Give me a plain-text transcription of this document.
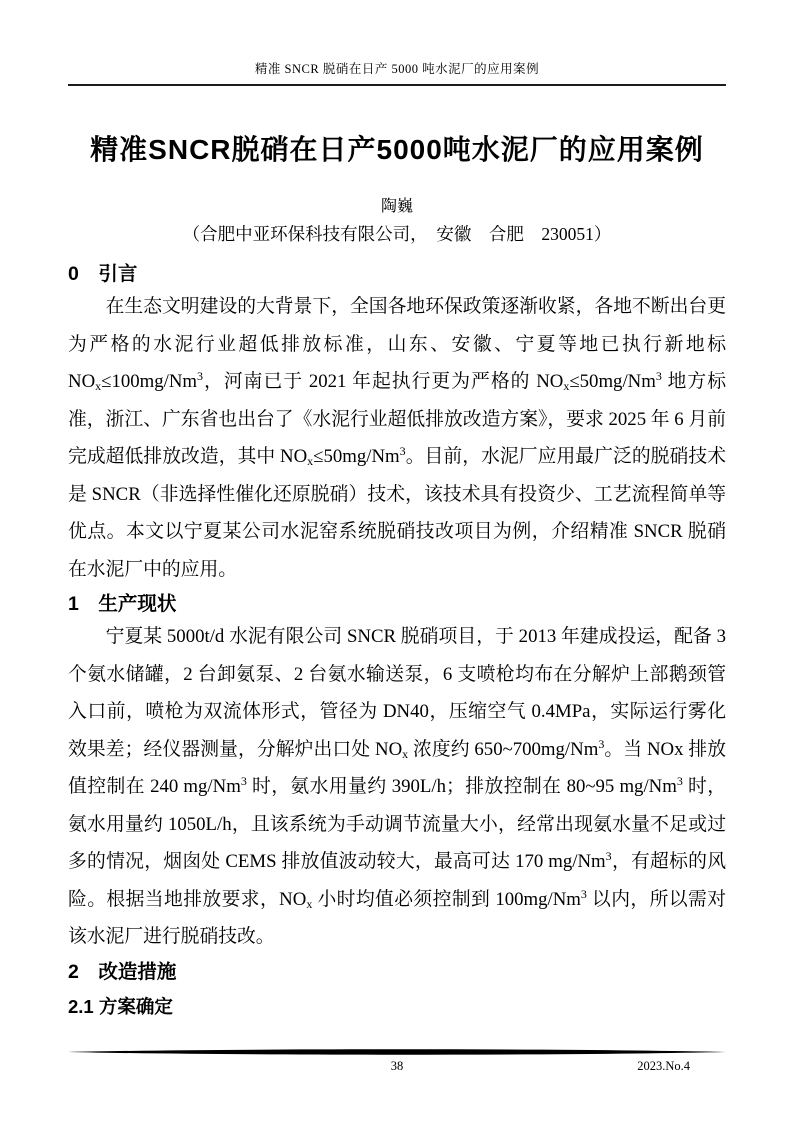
精准 SNCR 脱硝在日产 5000 吨水泥厂的应用案例
精准SNCR脱硝在日产5000吨水泥厂的应用案例
陶巍
（合肥中亚环保科技有限公司，　安徽　合肥　230051）
0　引言

在生态文明建设的大背景下，全国各地环保政策逐渐收紧，各地不断出台更为严格的水泥行业超低排放标准，山东、安徽、宁夏等地已执行新地标$NO_x\le 100mg/Nm^3$，河南已于 2021 年起执行更为严格的 $NO_x\le 50mg/Nm^3$ 地方标准，浙江、广东省也出台了《水泥行业超低排放改造方案》，要求 2025 年 6 月前完成超低排放改造，其中 $NO_x\le 50mg/Nm^3$。目前，水泥厂应用最广泛的脱硝技术是 SNCR（非选择性催化还原脱硝）技术，该技术具有投资少、工艺流程简单等优点。本文以宁夏某公司水泥窑系统脱硝技改项目为例，介绍精准 SNCR 脱硝在水泥厂中的应用。

1　生产现状

宁夏某 5000t/d 水泥有限公司 SNCR 脱硝项目，于 2013 年建成投运，配备 3 个氨水储罐，2 台卸氨泵、2 台氨水输送泵，6 支喷枪均布在分解炉上部鹅颈管入口前，喷枪为双流体形式，管径为 DN40，压缩空气 0.4MPa，实际运行雾化效果差；经仪器测量，分解炉出口处 $NO_x$ 浓度约 650~700mg/Nm$^3$。当 NOx 排放值控制在 240 mg/Nm$^3$ 时，氨水用量约 390L/h；排放控制在 80~95 mg/Nm$^3$ 时，氨水用量约 1050L/h，且该系统为手动调节流量大小，经常出现氨水量不足或过多的情况，烟囱处 CEMS 排放值波动较大，最高可达 170 mg/Nm$^3$，有超标的风险。根据当地排放要求，$NO_x$ 小时均值必须控制到 100mg/Nm$^3$ 以内，所以需对该水泥厂进行脱硝技改。

2　改造措施
2.1 方案确定
38	2023.No.4
